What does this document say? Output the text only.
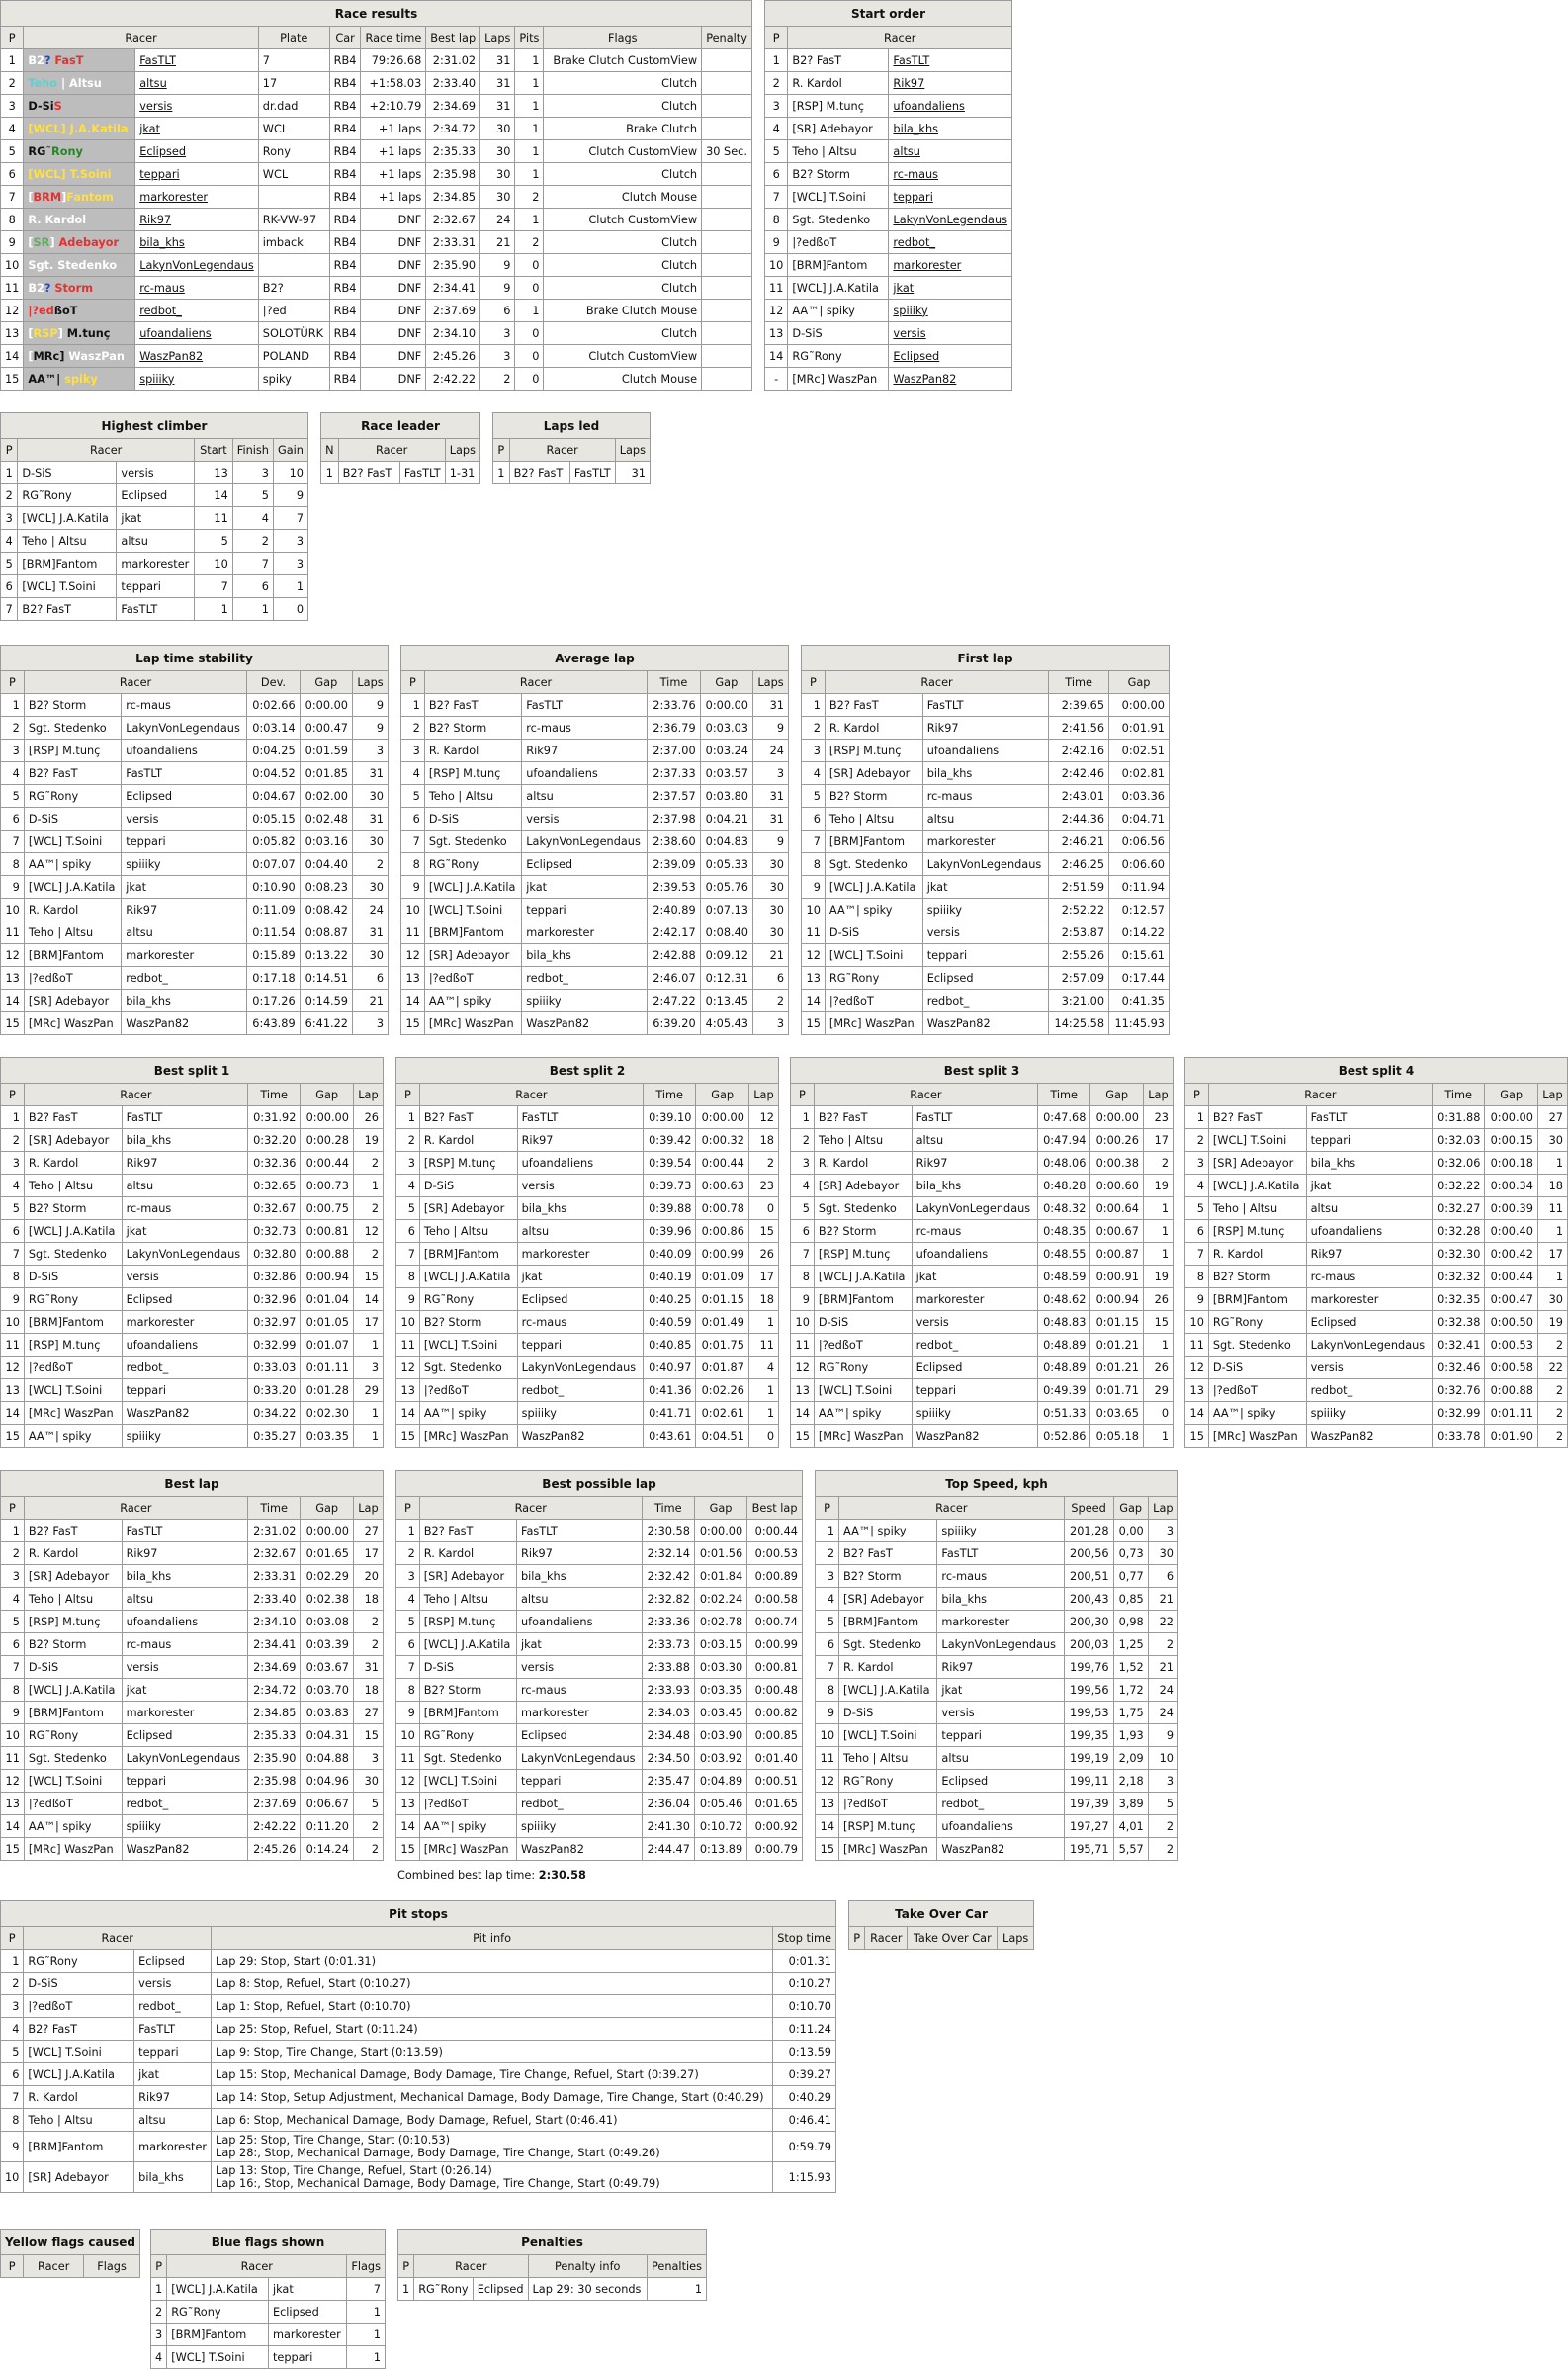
Race results										
P	Racer		Plate	Car	Race time	Best lap	Laps	Pits	Flags	Penalty
1	B2? FasT	FasTLT	7	RB4	79:26.68	2:31.02	31	1	Brake Clutch CustomView	
2	Teho | Altsu	altsu	17	RB4	+1:58.03	2:33.40	31	1	Clutch	
3	D-SiS	versis	dr.dad	RB4	+2:10.79	2:34.69	31	1	Clutch	
4	[WCL] J.A.Katila	jkat	WCL	RB4	+1 laps	2:34.72	30	1	Brake Clutch	
5	RG˜Rony	Eclipsed	Rony	RB4	+1 laps	2:35.33	30	1	Clutch CustomView	30 Sec.
6	[WCL] T.Soini	teppari	WCL	RB4	+1 laps	2:35.98	30	1	Clutch	
7	[BRM]Fantom	markorester		RB4	+1 laps	2:34.85	30	2	Clutch Mouse	
8	R. Kardol	Rik97	RK-VW-97	RB4	DNF	2:32.67	24	1	Clutch CustomView	
9	[SR] Adebayor	bila_khs	imback	RB4	DNF	2:33.31	21	2	Clutch	
10	Sgt. Stedenko	LakynVonLegendaus		RB4	DNF	2:35.90	9	0	Clutch	
11	B2? Storm	rc-maus	B2?	RB4	DNF	2:34.41	9	0	Clutch	
12	|?edßoT	redbot_	|?ed	RB4	DNF	2:37.69	6	1	Brake Clutch Mouse	
13	[RSP] M.tunç	ufoandaliens	SOLOTÜRK	RB4	DNF	2:34.10	3	0	Clutch	
14	[MRc] WaszPan	WaszPan82	POLAND	RB4	DNF	2:45.26	3	0	Clutch CustomView	
15	AA™| spiky	spiiiky	spiky	RB4	DNF	2:42.22	2	0	Clutch Mouse	
Start order		
P	Racer	
1	B2? FasT	FasTLT
2	R. Kardol	Rik97
3	[RSP] M.tunç	ufoandaliens
4	[SR] Adebayor	bila_khs
5	Teho | Altsu	altsu
6	B2? Storm	rc-maus
7	[WCL] T.Soini	teppari
8	Sgt. Stedenko	LakynVonLegendaus
9	|?edßoT	redbot_
10	[BRM]Fantom	markorester
11	[WCL] J.A.Katila	jkat
12	AA™| spiky	spiiiky
13	D-SiS	versis
14	RG˜Rony	Eclipsed
-	[MRc] WaszPan	WaszPan82
Highest climber					
P	Racer		Start	Finish	Gain
1	D-SiS	versis	13	3	10
2	RG˜Rony	Eclipsed	14	5	9
3	[WCL] J.A.Katila	jkat	11	4	7
4	Teho | Altsu	altsu	5	2	3
5	[BRM]Fantom	markorester	10	7	3
6	[WCL] T.Soini	teppari	7	6	1
7	B2? FasT	FasTLT	1	1	0
Race leader			
N	Racer		Laps
1	B2? FasT	FasTLT	1-31
Laps led			
P	Racer		Laps
1	B2? FasT	FasTLT	31
Lap time stability					
P	Racer		Dev.	Gap	Laps
1	B2? Storm	rc-maus	0:02.66	0:00.00	9
2	Sgt. Stedenko	LakynVonLegendaus	0:03.14	0:00.47	9
3	[RSP] M.tunç	ufoandaliens	0:04.25	0:01.59	3
4	B2? FasT	FasTLT	0:04.52	0:01.85	31
5	RG˜Rony	Eclipsed	0:04.67	0:02.00	30
6	D-SiS	versis	0:05.15	0:02.48	31
7	[WCL] T.Soini	teppari	0:05.82	0:03.16	30
8	AA™| spiky	spiiiky	0:07.07	0:04.40	2
9	[WCL] J.A.Katila	jkat	0:10.90	0:08.23	30
10	R. Kardol	Rik97	0:11.09	0:08.42	24
11	Teho | Altsu	altsu	0:11.54	0:08.87	31
12	[BRM]Fantom	markorester	0:15.89	0:13.22	30
13	|?edßoT	redbot_	0:17.18	0:14.51	6
14	[SR] Adebayor	bila_khs	0:17.26	0:14.59	21
15	[MRc] WaszPan	WaszPan82	6:43.89	6:41.22	3
Average lap					
P	Racer		Time	Gap	Laps
1	B2? FasT	FasTLT	2:33.76	0:00.00	31
2	B2? Storm	rc-maus	2:36.79	0:03.03	9
3	R. Kardol	Rik97	2:37.00	0:03.24	24
4	[RSP] M.tunç	ufoandaliens	2:37.33	0:03.57	3
5	Teho | Altsu	altsu	2:37.57	0:03.80	31
6	D-SiS	versis	2:37.98	0:04.21	31
7	Sgt. Stedenko	LakynVonLegendaus	2:38.60	0:04.83	9
8	RG˜Rony	Eclipsed	2:39.09	0:05.33	30
9	[WCL] J.A.Katila	jkat	2:39.53	0:05.76	30
10	[WCL] T.Soini	teppari	2:40.89	0:07.13	30
11	[BRM]Fantom	markorester	2:42.17	0:08.40	30
12	[SR] Adebayor	bila_khs	2:42.88	0:09.12	21
13	|?edßoT	redbot_	2:46.07	0:12.31	6
14	AA™| spiky	spiiiky	2:47.22	0:13.45	2
15	[MRc] WaszPan	WaszPan82	6:39.20	4:05.43	3
First lap				
P	Racer		Time	Gap
1	B2? FasT	FasTLT	2:39.65	0:00.00
2	R. Kardol	Rik97	2:41.56	0:01.91
3	[RSP] M.tunç	ufoandaliens	2:42.16	0:02.51
4	[SR] Adebayor	bila_khs	2:42.46	0:02.81
5	B2? Storm	rc-maus	2:43.01	0:03.36
6	Teho | Altsu	altsu	2:44.36	0:04.71
7	[BRM]Fantom	markorester	2:46.21	0:06.56
8	Sgt. Stedenko	LakynVonLegendaus	2:46.25	0:06.60
9	[WCL] J.A.Katila	jkat	2:51.59	0:11.94
10	AA™| spiky	spiiiky	2:52.22	0:12.57
11	D-SiS	versis	2:53.87	0:14.22
12	[WCL] T.Soini	teppari	2:55.26	0:15.61
13	RG˜Rony	Eclipsed	2:57.09	0:17.44
14	|?edßoT	redbot_	3:21.00	0:41.35
15	[MRc] WaszPan	WaszPan82	14:25.58	11:45.93
Best split 1					
P	Racer		Time	Gap	Lap
1	B2? FasT	FasTLT	0:31.92	0:00.00	26
2	[SR] Adebayor	bila_khs	0:32.20	0:00.28	19
3	R. Kardol	Rik97	0:32.36	0:00.44	2
4	Teho | Altsu	altsu	0:32.65	0:00.73	1
5	B2? Storm	rc-maus	0:32.67	0:00.75	2
6	[WCL] J.A.Katila	jkat	0:32.73	0:00.81	12
7	Sgt. Stedenko	LakynVonLegendaus	0:32.80	0:00.88	2
8	D-SiS	versis	0:32.86	0:00.94	15
9	RG˜Rony	Eclipsed	0:32.96	0:01.04	14
10	[BRM]Fantom	markorester	0:32.97	0:01.05	17
11	[RSP] M.tunç	ufoandaliens	0:32.99	0:01.07	1
12	|?edßoT	redbot_	0:33.03	0:01.11	3
13	[WCL] T.Soini	teppari	0:33.20	0:01.28	29
14	[MRc] WaszPan	WaszPan82	0:34.22	0:02.30	1
15	AA™| spiky	spiiiky	0:35.27	0:03.35	1
Best split 2					
P	Racer		Time	Gap	Lap
1	B2? FasT	FasTLT	0:39.10	0:00.00	12
2	R. Kardol	Rik97	0:39.42	0:00.32	18
3	[RSP] M.tunç	ufoandaliens	0:39.54	0:00.44	2
4	D-SiS	versis	0:39.73	0:00.63	23
5	[SR] Adebayor	bila_khs	0:39.88	0:00.78	0
6	Teho | Altsu	altsu	0:39.96	0:00.86	15
7	[BRM]Fantom	markorester	0:40.09	0:00.99	26
8	[WCL] J.A.Katila	jkat	0:40.19	0:01.09	17
9	RG˜Rony	Eclipsed	0:40.25	0:01.15	18
10	B2? Storm	rc-maus	0:40.59	0:01.49	1
11	[WCL] T.Soini	teppari	0:40.85	0:01.75	11
12	Sgt. Stedenko	LakynVonLegendaus	0:40.97	0:01.87	4
13	|?edßoT	redbot_	0:41.36	0:02.26	1
14	AA™| spiky	spiiiky	0:41.71	0:02.61	1
15	[MRc] WaszPan	WaszPan82	0:43.61	0:04.51	0
Best split 3					
P	Racer		Time	Gap	Lap
1	B2? FasT	FasTLT	0:47.68	0:00.00	23
2	Teho | Altsu	altsu	0:47.94	0:00.26	17
3	R. Kardol	Rik97	0:48.06	0:00.38	2
4	[SR] Adebayor	bila_khs	0:48.28	0:00.60	19
5	Sgt. Stedenko	LakynVonLegendaus	0:48.32	0:00.64	1
6	B2? Storm	rc-maus	0:48.35	0:00.67	1
7	[RSP] M.tunç	ufoandaliens	0:48.55	0:00.87	1
8	[WCL] J.A.Katila	jkat	0:48.59	0:00.91	19
9	[BRM]Fantom	markorester	0:48.62	0:00.94	26
10	D-SiS	versis	0:48.83	0:01.15	15
11	|?edßoT	redbot_	0:48.89	0:01.21	1
12	RG˜Rony	Eclipsed	0:48.89	0:01.21	26
13	[WCL] T.Soini	teppari	0:49.39	0:01.71	29
14	AA™| spiky	spiiiky	0:51.33	0:03.65	0
15	[MRc] WaszPan	WaszPan82	0:52.86	0:05.18	1
Best split 4					
P	Racer		Time	Gap	Lap
1	B2? FasT	FasTLT	0:31.88	0:00.00	27
2	[WCL] T.Soini	teppari	0:32.03	0:00.15	30
3	[SR] Adebayor	bila_khs	0:32.06	0:00.18	1
4	[WCL] J.A.Katila	jkat	0:32.22	0:00.34	18
5	Teho | Altsu	altsu	0:32.27	0:00.39	11
6	[RSP] M.tunç	ufoandaliens	0:32.28	0:00.40	1
7	R. Kardol	Rik97	0:32.30	0:00.42	17
8	B2? Storm	rc-maus	0:32.32	0:00.44	1
9	[BRM]Fantom	markorester	0:32.35	0:00.47	30
10	RG˜Rony	Eclipsed	0:32.38	0:00.50	19
11	Sgt. Stedenko	LakynVonLegendaus	0:32.41	0:00.53	2
12	D-SiS	versis	0:32.46	0:00.58	22
13	|?edßoT	redbot_	0:32.76	0:00.88	2
14	AA™| spiky	spiiiky	0:32.99	0:01.11	2
15	[MRc] WaszPan	WaszPan82	0:33.78	0:01.90	2
Best lap					
P	Racer		Time	Gap	Lap
1	B2? FasT	FasTLT	2:31.02	0:00.00	27
2	R. Kardol	Rik97	2:32.67	0:01.65	17
3	[SR] Adebayor	bila_khs	2:33.31	0:02.29	20
4	Teho | Altsu	altsu	2:33.40	0:02.38	18
5	[RSP] M.tunç	ufoandaliens	2:34.10	0:03.08	2
6	B2? Storm	rc-maus	2:34.41	0:03.39	2
7	D-SiS	versis	2:34.69	0:03.67	31
8	[WCL] J.A.Katila	jkat	2:34.72	0:03.70	18
9	[BRM]Fantom	markorester	2:34.85	0:03.83	27
10	RG˜Rony	Eclipsed	2:35.33	0:04.31	15
11	Sgt. Stedenko	LakynVonLegendaus	2:35.90	0:04.88	3
12	[WCL] T.Soini	teppari	2:35.98	0:04.96	30
13	|?edßoT	redbot_	2:37.69	0:06.67	5
14	AA™| spiky	spiiiky	2:42.22	0:11.20	2
15	[MRc] WaszPan	WaszPan82	2:45.26	0:14.24	2
Best possible lap					
P	Racer		Time	Gap	Best lap
1	B2? FasT	FasTLT	2:30.58	0:00.00	0:00.44
2	R. Kardol	Rik97	2:32.14	0:01.56	0:00.53
3	[SR] Adebayor	bila_khs	2:32.42	0:01.84	0:00.89
4	Teho | Altsu	altsu	2:32.82	0:02.24	0:00.58
5	[RSP] M.tunç	ufoandaliens	2:33.36	0:02.78	0:00.74
6	[WCL] J.A.Katila	jkat	2:33.73	0:03.15	0:00.99
7	D-SiS	versis	2:33.88	0:03.30	0:00.81
8	B2? Storm	rc-maus	2:33.93	0:03.35	0:00.48
9	[BRM]Fantom	markorester	2:34.03	0:03.45	0:00.82
10	RG˜Rony	Eclipsed	2:34.48	0:03.90	0:00.85
11	Sgt. Stedenko	LakynVonLegendaus	2:34.50	0:03.92	0:01.40
12	[WCL] T.Soini	teppari	2:35.47	0:04.89	0:00.51
13	|?edßoT	redbot_	2:36.04	0:05.46	0:01.65
14	AA™| spiky	spiiiky	2:41.30	0:10.72	0:00.92
15	[MRc] WaszPan	WaszPan82	2:44.47	0:13.89	0:00.79
Top Speed, kph					
P	Racer		Speed	Gap	Lap
1	AA™| spiky	spiiiky	201,28	0,00	3
2	B2? FasT	FasTLT	200,56	0,73	30
3	B2? Storm	rc-maus	200,51	0,77	6
4	[SR] Adebayor	bila_khs	200,43	0,85	21
5	[BRM]Fantom	markorester	200,30	0,98	22
6	Sgt. Stedenko	LakynVonLegendaus	200,03	1,25	2
7	R. Kardol	Rik97	199,76	1,52	21
8	[WCL] J.A.Katila	jkat	199,56	1,72	24
9	D-SiS	versis	199,53	1,75	24
10	[WCL] T.Soini	teppari	199,35	1,93	9
11	Teho | Altsu	altsu	199,19	2,09	10
12	RG˜Rony	Eclipsed	199,11	2,18	3
13	|?edßoT	redbot_	197,39	3,89	5
14	[RSP] M.tunç	ufoandaliens	197,27	4,01	2
15	[MRc] WaszPan	WaszPan82	195,71	5,57	2
Combined best lap time: 2:30.58
Pit stops				
P	Racer		Pit info	Stop time
1	RG˜Rony	Eclipsed	Lap 29: Stop, Start (0:01.31)	0:01.31
2	D-SiS	versis	Lap 8: Stop, Refuel, Start (0:10.27)	0:10.27
3	|?edßoT	redbot_	Lap 1: Stop, Refuel, Start (0:10.70)	0:10.70
4	B2? FasT	FasTLT	Lap 25: Stop, Refuel, Start (0:11.24)	0:11.24
5	[WCL] T.Soini	teppari	Lap 9: Stop, Tire Change, Start (0:13.59)	0:13.59
6	[WCL] J.A.Katila	jkat	Lap 15: Stop, Mechanical Damage, Body Damage, Tire Change, Refuel, Start (0:39.27)	0:39.27
7	R. Kardol	Rik97	Lap 14: Stop, Setup Adjustment, Mechanical Damage, Body Damage, Tire Change, Start (0:40.29)	0:40.29
8	Teho | Altsu	altsu	Lap 6: Stop, Mechanical Damage, Body Damage, Refuel, Start (0:46.41)	0:46.41
9	[BRM]Fantom	markorester	Lap 25: Stop, Tire Change, Start (0:10.53)
Lap 28:, Stop, Mechanical Damage, Body Damage, Tire Change, Start (0:49.26)	0:59.79
10	[SR] Adebayor	bila_khs	Lap 13: Stop, Tire Change, Refuel, Start (0:26.14)
Lap 16:, Stop, Mechanical Damage, Body Damage, Tire Change, Start (0:49.79)	1:15.93
Take Over Car
P	Racer	Take Over Car	Laps
Yellow flags caused
P	Racer	Flags
Blue flags shown			
P	Racer		Flags
1	[WCL] J.A.Katila	jkat	7
2	RG˜Rony	Eclipsed	1
3	[BRM]Fantom	markorester	1
4	[WCL] T.Soini	teppari	1
Penalties				
P	Racer		Penalty info	Penalties
1	RG˜Rony	Eclipsed	Lap 29: 30 seconds	1
